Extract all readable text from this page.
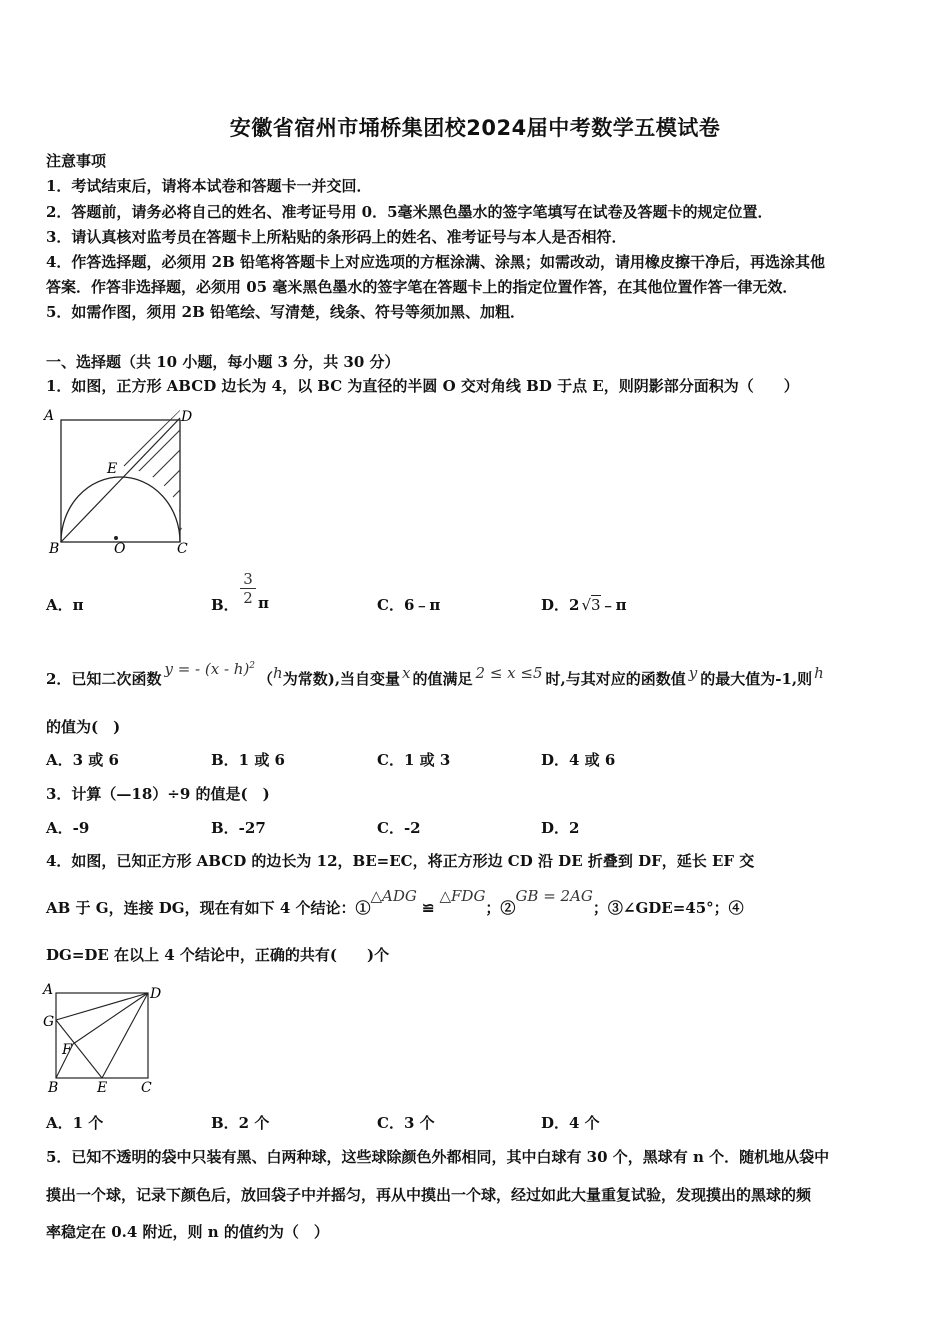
安徽省宿州市埇桥集团校2024届中考数学五模试卷
注意事项
1．考试结束后，请将本试卷和答题卡一并交回．
2．答题前，请务必将自己的姓名、准考证号用 0．5毫米黑色墨水的签字笔填写在试卷及答题卡的规定位置．
3．请认真核对监考员在答题卡上所粘贴的条形码上的姓名、准考证号与本人是否相符．
4．作答选择题，必须用 2B 铅笔将答题卡上对应选项的方框涂满、涂黑；如需改动，请用橡皮擦干净后，再选涂其他
答案．作答非选择题，必须用 05 毫米黑色墨水的签字笔在答题卡上的指定位置作答，在其他位置作答一律无效．
5．如需作图，须用 2B 铅笔绘、写清楚，线条、符号等须加黑、加粗．
一、选择题（共 10 小题，每小题 3 分，共 30 分）
1．如图，正方形 ABCD 边长为 4，以 BC 为直径的半圆 O 交对角线 BD 于点 E，则阴影部分面积为（　　）
A	D
E
B	O	C
A．π	B．
3
2 π	C．6﹣π	D．2 √3﹣π
2．已知二次函数y = - (x - h)$^2$（h为常数),当自变量 x 的值满足 2 ≤ x ≤5 时,与其对应的函数值 y 的最大值为-1,则 h
的值为(　)
A．3 或 6	B．1 或 6	C．1 或 3	D．4 或 6
3．计算（—18）÷9 的值是(　)
A．-9	B．-27	C．-2	D．2
4．如图，已知正方形 ABCD 的边长为 12，BE=EC，将正方形边 CD 沿 DE 折叠到 DF，延长 EF 交
AB 于 G，连接 DG，现在有如下 4 个结论：①△ADG≌△FDG；②GB = 2AG；③∠GDE=45°；④
DG=DE 在以上 4 个结论中，正确的共有(　　)个
A	D
G
F
B	E C
A．1 个	B．2 个	C．3 个	D．4 个
5．已知不透明的袋中只装有黑、白两种球，这些球除颜色外都相同，其中白球有 30 个，黑球有 n 个．随机地从袋中
摸出一个球，记录下颜色后，放回袋子中并摇匀，再从中摸出一个球，经过如此大量重复试验，发现摸出的黑球的频
率稳定在 0.4 附近，则 n 的值约为（　）
